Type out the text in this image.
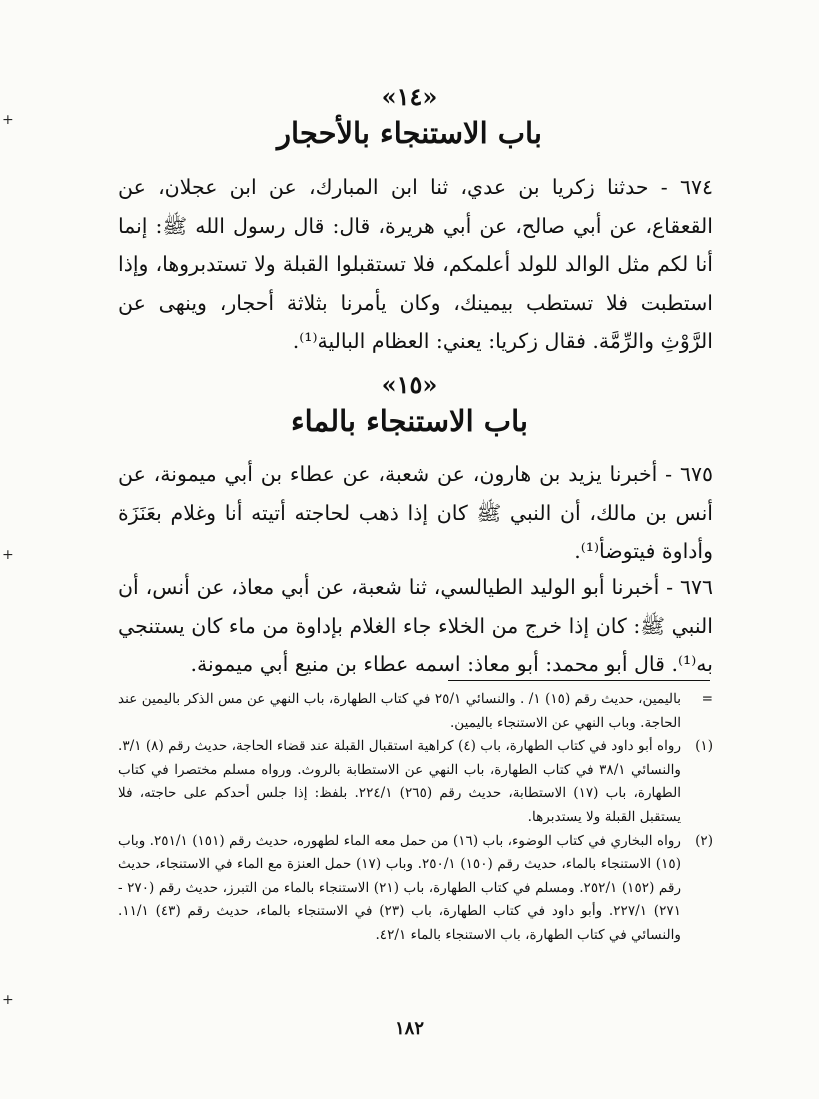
«١٤»
باب الاستنجاء بالأحجار
٦٧٤ - حدثنا زكريا بن عدي، ثنا ابن المبارك، عن ابن عجلان، عن القعقاع، عن أبي صالح، عن أبي هريرة، قال: قال رسول الله ﷺ: إنما أنا لكم مثل الوالد للولد أعلمكم، فلا تستقبلوا القبلة ولا تستدبروها، وإذا استطبت فلا تستطب بيمينك، وكان يأمرنا بثلاثة أحجار، وينهى عن الرَّوْثِ والرِّمَّة. فقال زكريا: يعني: العظام البالية⁽¹⁾.
«١٥»
باب الاستنجاء بالماء
٦٧٥ - أخبرنا يزيد بن هارون، عن شعبة، عن عطاء بن أبي ميمونة، عن أنس بن مالك، أن النبي ﷺ كان إذا ذهب لحاجته أتيته أنا وغلام بعَنَزَة وأداوة فيتوضأ⁽¹⁾.
٦٧٦ - أخبرنا أبو الوليد الطيالسي، ثنا شعبة، عن أبي معاذ، عن أنس، أن النبي ﷺ: كان إذا خرج من الخلاء جاء الغلام بإداوة من ماء كان يستنجي به⁽¹⁾. قال أبو محمد: أبو معاذ: اسمه عطاء بن منيع أبي ميمونة.
=
باليمين، حديث رقم (١٥) ١/ . والنسائي ٢٥/١ في كتاب الطهارة، باب النهي عن مس الذكر باليمين عند الحاجة. وباب النهي عن الاستنجاء باليمين.
(١)
رواه أبو داود في كتاب الطهارة، باب (٤) كراهية استقبال القبلة عند قضاء الحاجة، حديث رقم (٨) ٣/١. والنسائي ٣٨/١ في كتاب الطهارة، باب النهي عن الاستطابة بالروث. ورواه مسلم مختصرا في كتاب الطهارة، باب (١٧) الاستطابة، حديث رقم (٢٦٥) ٢٢٤/١. بلفظ: إذا جلس أحدكم على حاجته، فلا يستقبل القبلة ولا يستدبرها.
(٢)
رواه البخاري في كتاب الوضوء، باب (١٦) من حمل معه الماء لطهوره، حديث رقم (١٥١) ٢٥١/١. وباب (١٥) الاستنجاء بالماء، حديث رقم (١٥٠) ٢٥٠/١. وباب (١٧) حمل العنزة مع الماء في الاستنجاء، حديث رقم (١٥٢) ٢٥٢/١. ومسلم في كتاب الطهارة، باب (٢١) الاستنجاء بالماء من التبرز، حديث رقم (٢٧٠ - ٢٧١) ٢٢٧/١. وأبو داود في كتاب الطهارة، باب (٢٣) في الاستنجاء بالماء، حديث رقم (٤٣) ١١/١. والنسائي في كتاب الطهارة، باب الاستنجاء بالماء ٤٢/١.
١٨٢
+
+
+
